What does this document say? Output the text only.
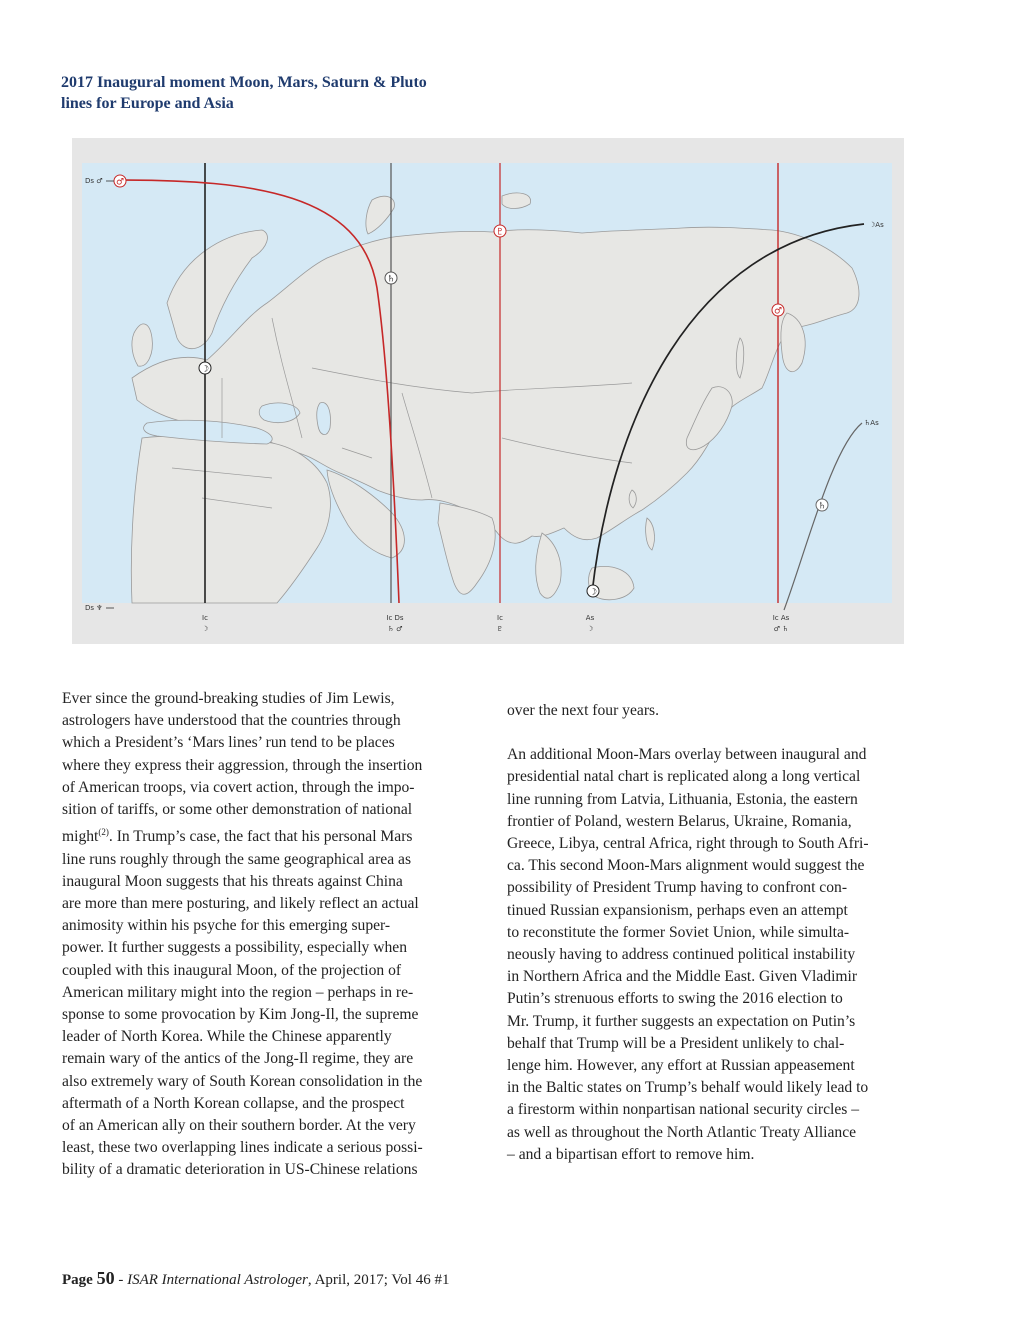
2017 Inaugural moment Moon, Mars, Saturn & Pluto
lines for Europe and Asia
♂
☽
♄
♇
♂
♄
☽
Ds ♂
Ds ♆
☽As
♄As
Ic
☽
Ic Ds
♄ ♂
Ic
♇
As
☽
Ic As
♂ ♄

Ever since the ground-breaking studies of Jim Lewis,
astrologers have understood that the countries through
which a President’s ‘Mars lines’ run tend to be places
where they express their aggression, through the insertion
of American troops, via covert action, through the impo-
sition of tariffs, or some other demonstration of national
might$^{(2)}$. In Trump’s case, the fact that his personal Mars
line runs roughly through the same geographical area as
inaugural Moon suggests that his threats against China
are more than mere posturing, and likely reflect an actual
animosity within his psyche for this emerging super-
power. It further suggests a possibility, especially when
coupled with this inaugural Moon, of the projection of
American military might into the region – perhaps in re-
sponse to some provocation by Kim Jong-Il, the supreme
leader of North Korea. While the Chinese apparently
remain wary of the antics of the Jong-Il regime, they are
also extremely wary of South Korean consolidation in the
aftermath of a North Korean collapse, and the prospect
of an American ally on their southern border. At the very
least, these two overlapping lines indicate a serious possi-
bility of a dramatic deterioration in US-Chinese relations

over the next four years.

An additional Moon-Mars overlay between inaugural and
presidential natal chart is replicated along a long vertical
line running from Latvia, Lithuania, Estonia, the eastern
frontier of Poland, western Belarus, Ukraine, Romania,
Greece, Libya, central Africa, right through to South Afri-
ca. This second Moon-Mars alignment would suggest the
possibility of President Trump having to confront con-
tinued Russian expansionism, perhaps even an attempt
to reconstitute the former Soviet Union, while simulta-
neously having to address continued political instability
in Northern Africa and the Middle East. Given Vladimir
Putin’s strenuous efforts to swing the 2016 election to
Mr. Trump, it further suggests an expectation on Putin’s
behalf that Trump will be a President unlikely to chal-
lenge him. However, any effort at Russian appeasement
in the Baltic states on Trump’s behalf would likely lead to
a firestorm within nonpartisan national security circles –
as well as throughout the North Atlantic Treaty Alliance
– and a bipartisan effort to remove him.

Page 50 - ISAR International Astrologer, April, 2017; Vol 46 #1
